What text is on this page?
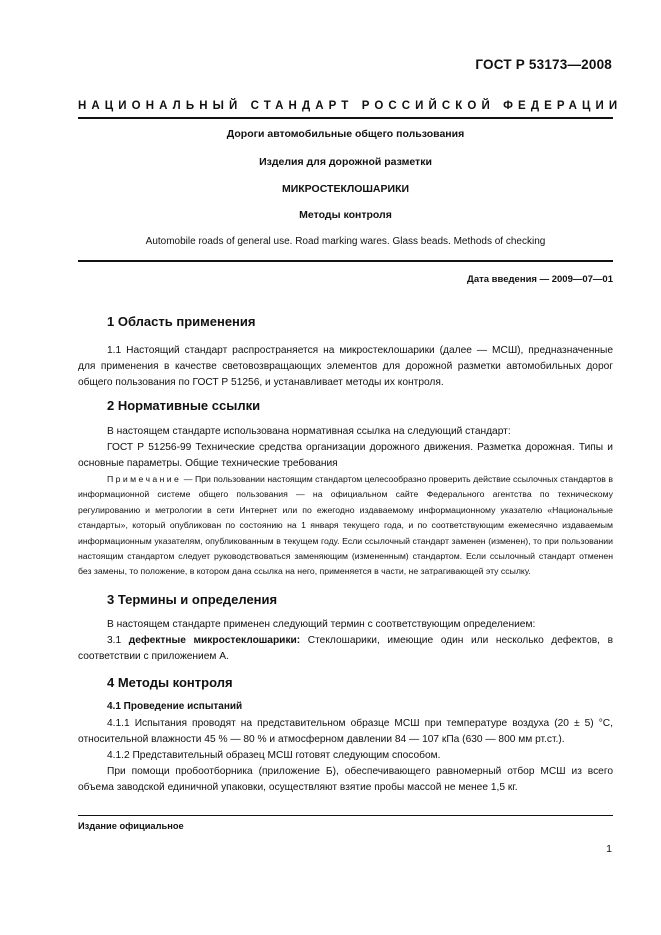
ГОСТ Р 53173—2008
НАЦИОНАЛЬНЫЙ СТАНДАРТ РОССИЙСКОЙ ФЕДЕРАЦИИ
Дороги автомобильные общего пользования
Изделия для дорожной разметки
МИКРОСТЕКЛОШАРИКИ
Методы контроля
Automobile roads of general use. Road marking wares. Glass beads. Methods of checking
Дата введения — 2009—07—01
1 Область применения

1.1 Настоящий стандарт распространяется на микростеклошарики (далее — МСШ), предназначенные для применения в качестве световозвращающих элементов для дорожной разметки автомобильных дорог общего пользования по ГОСТ Р 51256, и устанавливает методы их контроля.

2 Нормативные ссылки

В настоящем стандарте использована нормативная ссылка на следующий стандарт:

ГОСТ Р 51256-99 Технические средства организации дорожного движения. Разметка дорожная. Типы и основные параметры. Общие технические требования

Примечание — При пользовании настоящим стандартом целесообразно проверить действие ссылочных стандартов в информационной системе общего пользования — на официальном сайте Федерального агентства по техническому регулированию и метрологии в сети Интернет или по ежегодно издаваемому информационному указателю «Национальные стандарты», который опубликован по состоянию на 1 января текущего года, и по соответствующим ежемесячно издаваемым информационным указателям, опубликованным в текущем году. Если ссылочный стандарт заменен (изменен), то при пользовании настоящим стандартом следует руководствоваться заменяющим (измененным) стандартом. Если ссылочный стандарт отменен без замены, то положение, в котором дана ссылка на него, применяется в части, не затрагивающей эту ссылку.

3 Термины и определения

В настоящем стандарте применен следующий термин с соответствующим определением:

3.1 дефектные микростеклошарики: Стеклошарики, имеющие один или несколько дефектов, в соответствии с приложением А.

4 Методы контроля
4.1 Проведение испытаний

4.1.1 Испытания проводят на представительном образце МСШ при температуре воздуха (20 ± 5) °С, относительной влажности 45 % — 80 % и атмосферном давлении 84 — 107 кПа (630 — 800 мм рт.ст.).

4.1.2 Представительный образец МСШ готовят следующим способом.

При помощи пробоотборника (приложение Б), обеспечивающего равномерный отбор МСШ из всего объема заводской единичной упаковки, осуществляют взятие пробы массой не менее 1,5 кг.

Издание официальное
1
